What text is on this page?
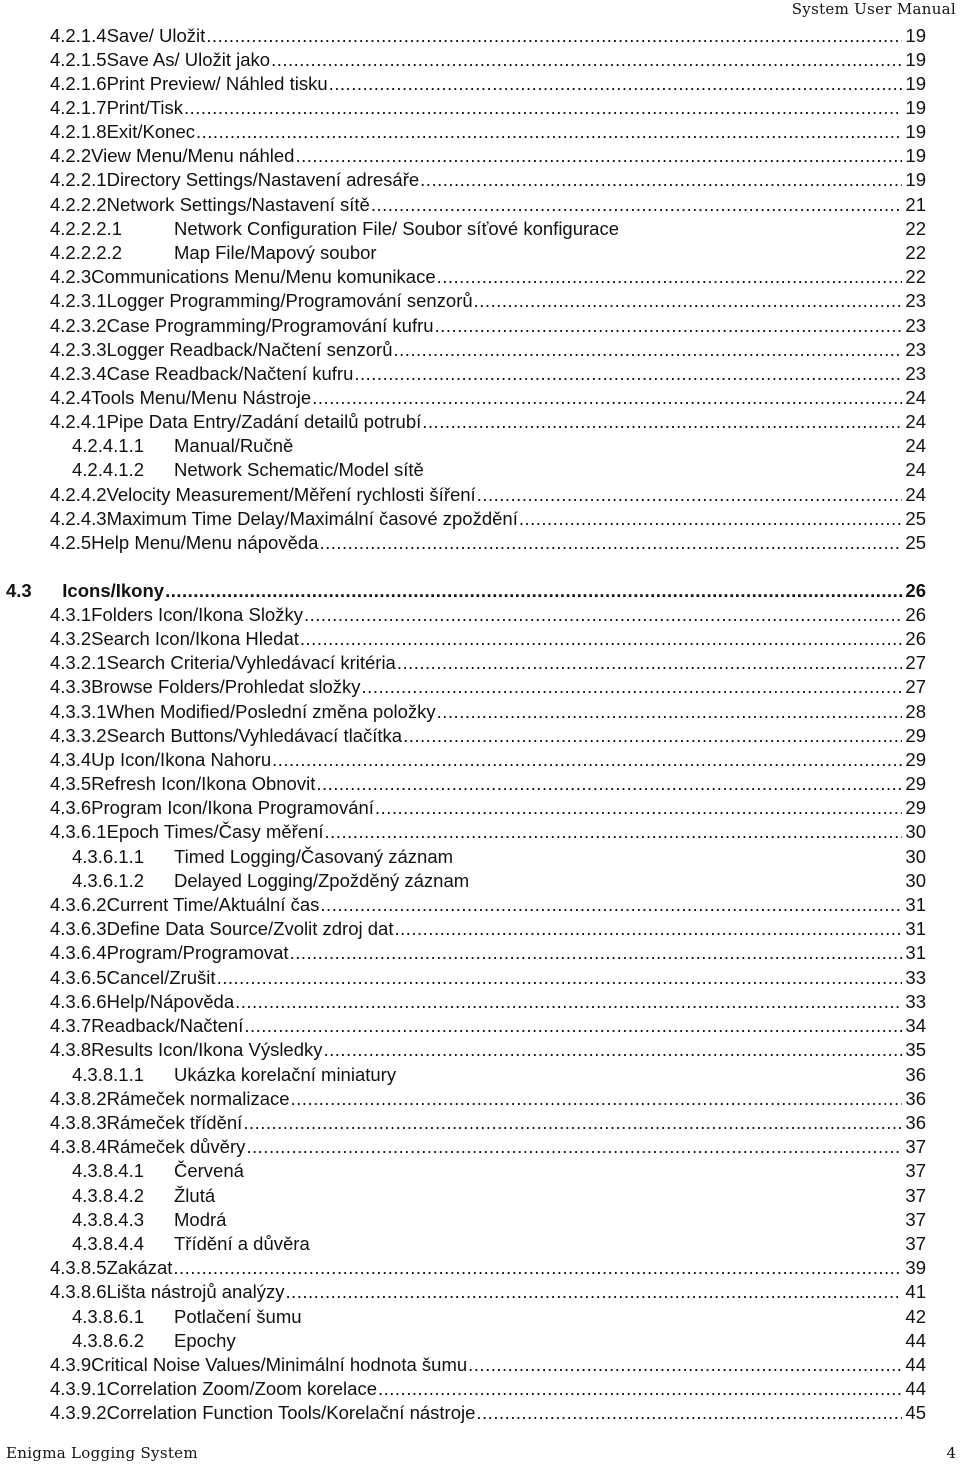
System User Manual
4.2.1.4 Save/ Uložit .....	19
4.2.1.5 Save As/ Uložit jako .....	19
4.2.1.6 Print Preview/ Náhled tisku .....	19
4.2.1.7 Print/Tisk .....	19
4.2.1.8 Exit/Konec .....	19
4.2.2 View Menu/Menu náhled .....	19
4.2.2.1 Directory Settings/Nastavení adresáře .....	19
4.2.2.2 Network Settings/Nastavení sítě .....	21
4.2.2.2.1	Network Configuration File/ Soubor síťové konfigurace	22
4.2.2.2.2	Map File/Mapový soubor	22
4.2.3 Communications Menu/Menu komunikace .....	22
4.2.3.1 Logger Programming/Programování senzorů .....	23
4.2.3.2 Case Programming/Programování kufru .....	23
4.2.3.3 Logger Readback/Načtení senzorů .....	23
4.2.3.4 Case Readback/Načtení kufru .....	23
4.2.4 Tools Menu/Menu Nástroje .....	24
4.2.4.1 Pipe Data Entry/Zadání detailů potrubí .....	24
4.2.4.1.1	Manual/Ručně	24
4.2.4.1.2	Network Schematic/Model sítě	24
4.2.4.2 Velocity Measurement/Měření rychlosti šíření .....	24
4.2.4.3 Maximum Time Delay/Maximální časové zpoždění .....	25
4.2.5 Help Menu/Menu nápověda .....	25
4.3	Icons/Ikony .....	26
4.3.1 Folders Icon/Ikona Složky .....	26
4.3.2 Search Icon/Ikona Hledat .....	26
4.3.2.1 Search Criteria/Vyhledávací kritéria .....	27
4.3.3 Browse Folders/Prohledat složky .....	27
4.3.3.1 When Modified/Poslední změna položky .....	28
4.3.3.2 Search Buttons/Vyhledávací tlačítka .....	29
4.3.4 Up Icon/Ikona Nahoru .....	29
4.3.5 Refresh Icon/Ikona Obnovit .....	29
4.3.6 Program Icon/Ikona Programování .....	29
4.3.6.1 Epoch Times/Časy měření .....	30
4.3.6.1.1	Timed Logging/Časovaný záznam	30
4.3.6.1.2	Delayed Logging/Zpožděný záznam	30
4.3.6.2 Current Time/Aktuální čas .....	31
4.3.6.3 Define Data Source/Zvolit zdroj dat .....	31
4.3.6.4 Program/Programovat .....	31
4.3.6.5 Cancel/Zrušit .....	33
4.3.6.6 Help/Nápověda .....	33
4.3.7 Readback/Načtení .....	34
4.3.8 Results Icon/Ikona Výsledky .....	35
4.3.8.1.1	Ukázka korelační miniatury	36
4.3.8.2 Rámeček normalizace .....	36
4.3.8.3 Rámeček třídění .....	36
4.3.8.4 Rámeček důvěry .....	37
4.3.8.4.1	Červená	37
4.3.8.4.2	Žlutá	37
4.3.8.4.3	Modrá	37
4.3.8.4.4	Třídění a důvěra	37
4.3.8.5 Zakázat .....	39
4.3.8.6 Lišta nástrojů analýzy .....	41
4.3.8.6.1	Potlačení šumu	42
4.3.8.6.2	Epochy	44
4.3.9 Critical Noise Values/Minimální hodnota šumu .....	44
4.3.9.1 Correlation Zoom/Zoom korelace .....	44
4.3.9.2 Correlation Function Tools/Korelační nástroje .....	45
Enigma Logging System	4
